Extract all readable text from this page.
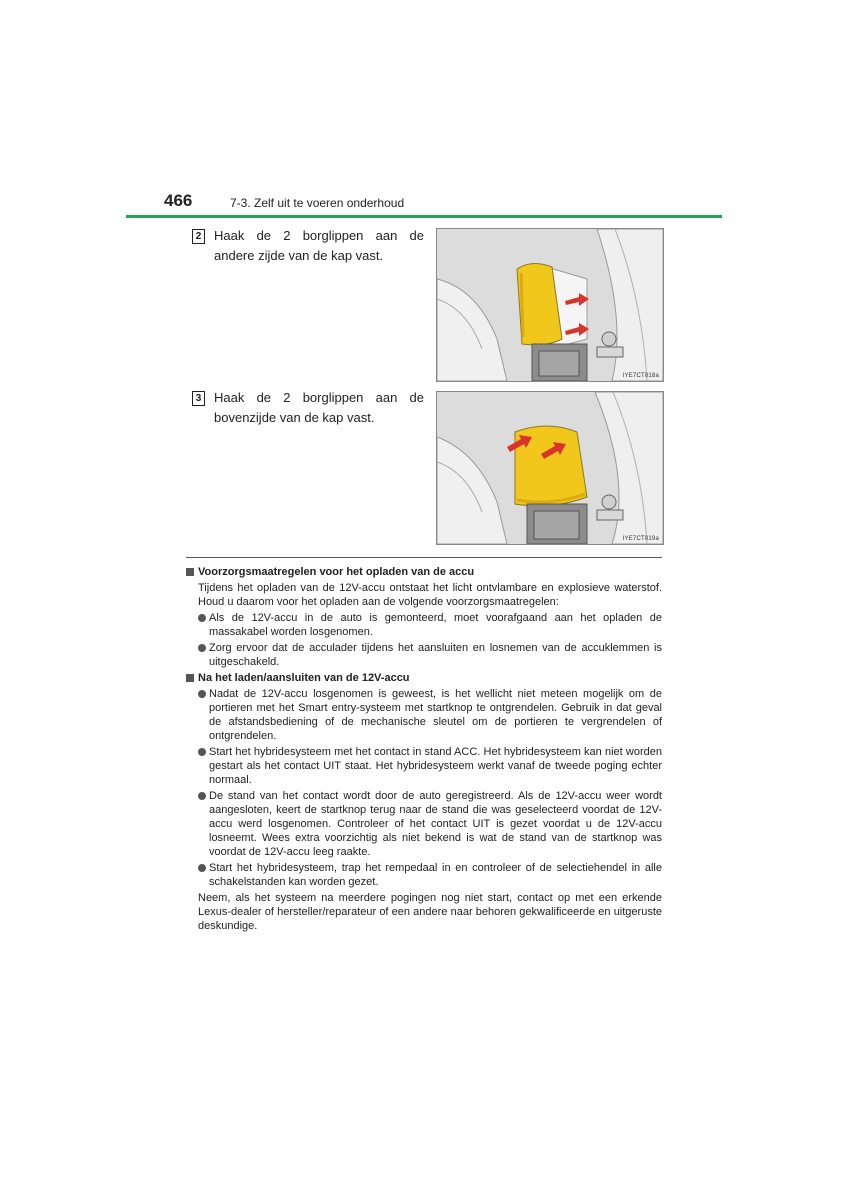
466	7-3. Zelf uit te voeren onderhoud
2 Haak de 2 borglippen aan de andere zijde van de kap vast.
IYE7CT018a
3 Haak de 2 borglippen aan de bovenzijde van de kap vast.
IYE7CT019a
Voorzorgsmaatregelen voor het opladen van de accu

Tijdens het opladen van de 12V-accu ontstaat het licht ontvlambare en explosieve waterstof. Houd u daarom voor het opladen aan de volgende voorzorgsmaatregelen:

Als de 12V-accu in de auto is gemonteerd, moet voorafgaand aan het opladen de massakabel worden losgenomen.
Zorg ervoor dat de acculader tijdens het aansluiten en losnemen van de accuklemmen is uitgeschakeld.
Na het laden/aansluiten van de 12V-accu
Nadat de 12V-accu losgenomen is geweest, is het wellicht niet meteen mogelijk om de portieren met het Smart entry-systeem met startknop te ontgrendelen. Gebruik in dat geval de afstandsbediening of de mechanische sleutel om de portieren te vergrendelen of ontgrendelen.
Start het hybridesysteem met het contact in stand ACC. Het hybridesysteem kan niet worden gestart als het contact UIT staat. Het hybridesysteem werkt vanaf de tweede poging echter normaal.
De stand van het contact wordt door de auto geregistreerd. Als de 12V-accu weer wordt aangesloten, keert de startknop terug naar de stand die was geselecteerd voordat de 12V-accu werd losgenomen. Controleer of het contact UIT is gezet voordat u de 12V-accu losneemt. Wees extra voorzichtig als niet bekend is wat de stand van de startknop was voordat de 12V-accu leeg raakte.
Start het hybridesysteem, trap het rempedaal in en controleer of de selectiehendel in alle schakelstanden kan worden gezet.

Neem, als het systeem na meerdere pogingen nog niet start, contact op met een erkende Lexus-dealer of hersteller/reparateur of een andere naar behoren gekwalificeerde en uitgeruste deskundige.
